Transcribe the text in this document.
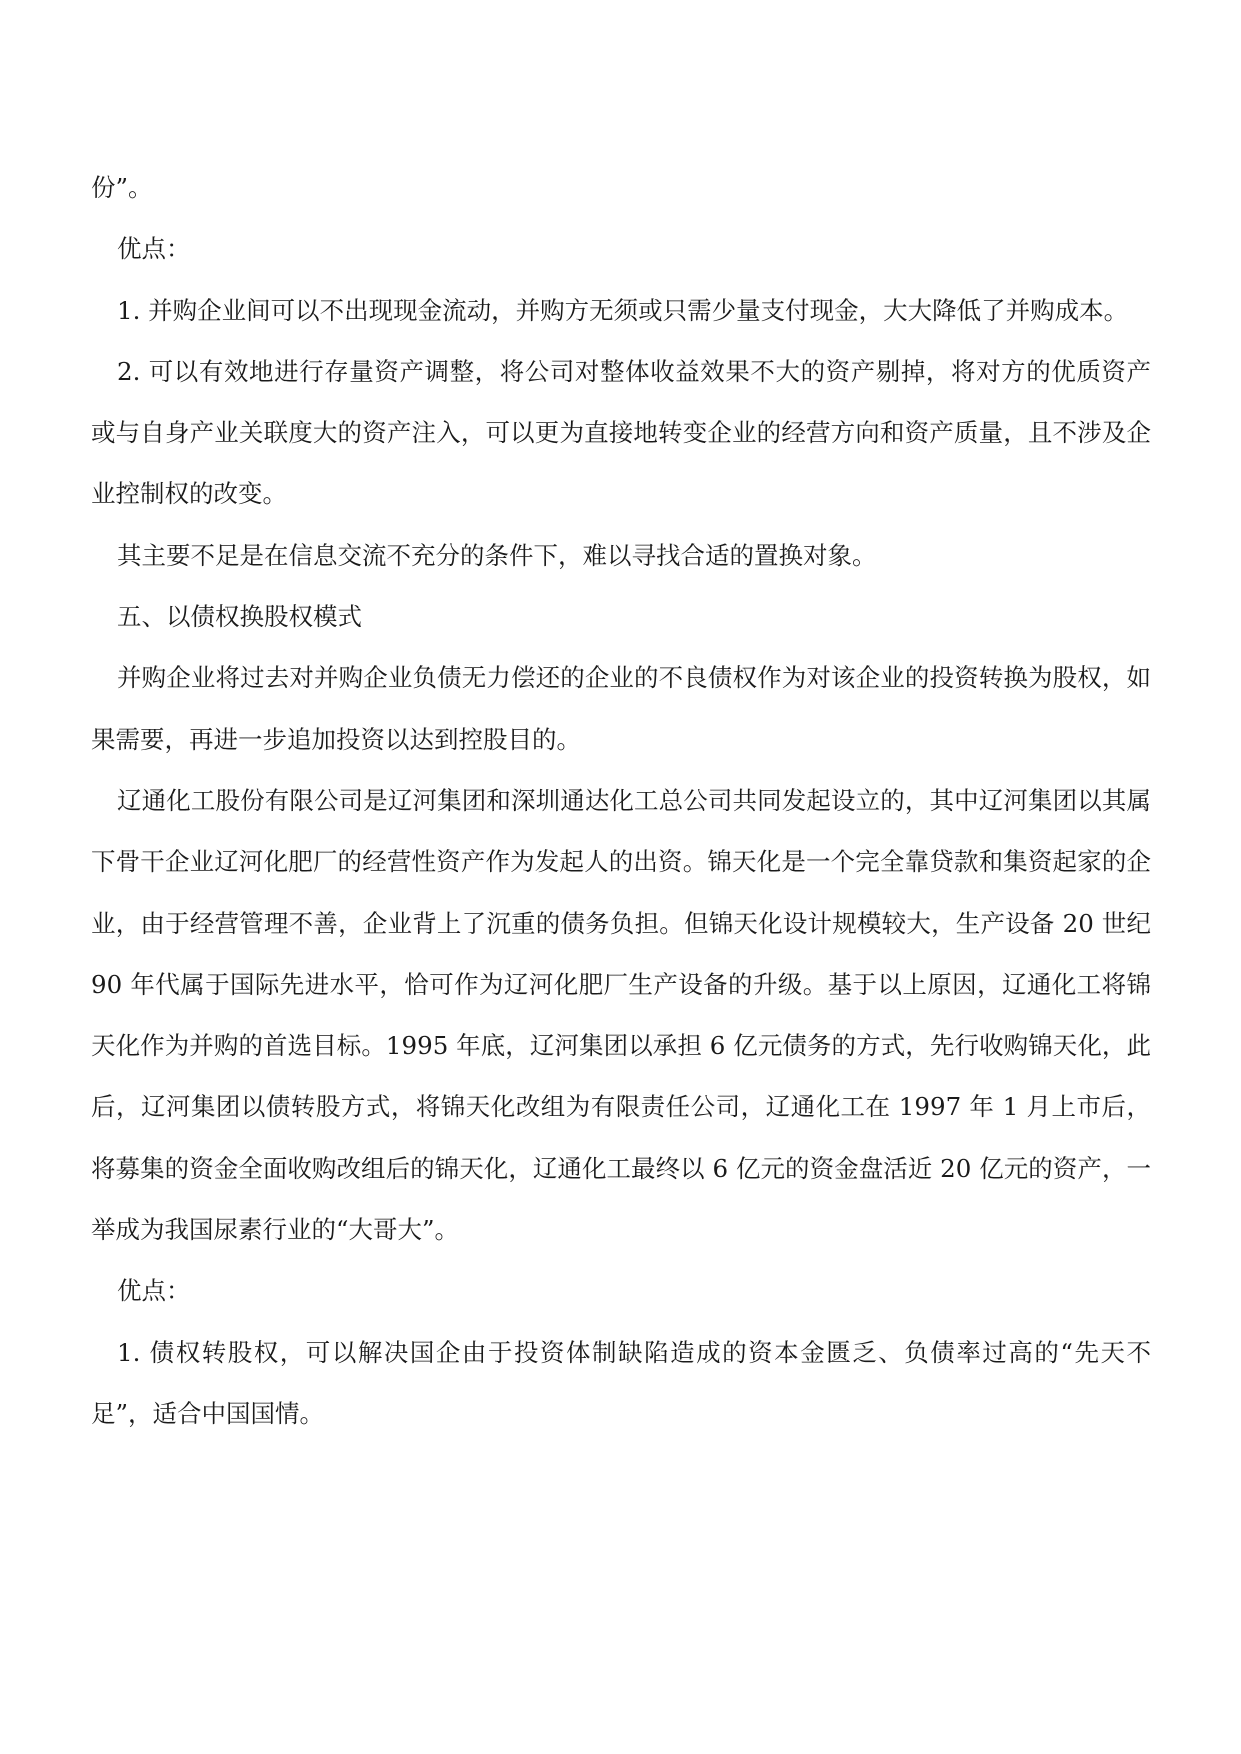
份”。

优点：

1. 并购企业间可以不出现现金流动，并购方无须或只需少量支付现金，大大降低了并购成本。

2. 可以有效地进行存量资产调整，将公司对整体收益效果不大的资产剔掉，将对方的优质资产或与自身产业关联度大的资产注入，可以更为直接地转变企业的经营方向和资产质量，且不涉及企业控制权的改变。

其主要不足是在信息交流不充分的条件下，难以寻找合适的置换对象。

五、以债权换股权模式

并购企业将过去对并购企业负债无力偿还的企业的不良债权作为对该企业的投资转换为股权，如果需要，再进一步追加投资以达到控股目的。

辽通化工股份有限公司是辽河集团和深圳通达化工总公司共同发起设立的，其中辽河集团以其属下骨干企业辽河化肥厂的经营性资产作为发起人的出资。锦天化是一个完全靠贷款和集资起家的企业，由于经营管理不善，企业背上了沉重的债务负担。但锦天化设计规模较大，生产设备 20 世纪 90 年代属于国际先进水平，恰可作为辽河化肥厂生产设备的升级。基于以上原因，辽通化工将锦天化作为并购的首选目标。1995 年底，辽河集团以承担 6 亿元债务的方式，先行收购锦天化，此后，辽河集团以债转股方式，将锦天化改组为有限责任公司，辽通化工在 1997 年 1 月上市后，将募集的资金全面收购改组后的锦天化，辽通化工最终以 6 亿元的资金盘活近 20 亿元的资产，一举成为我国尿素行业的“大哥大”。

优点：

1. 债权转股权，可以解决国企由于投资体制缺陷造成的资本金匮乏、负债率过高的“先天不足”，适合中国国情。
